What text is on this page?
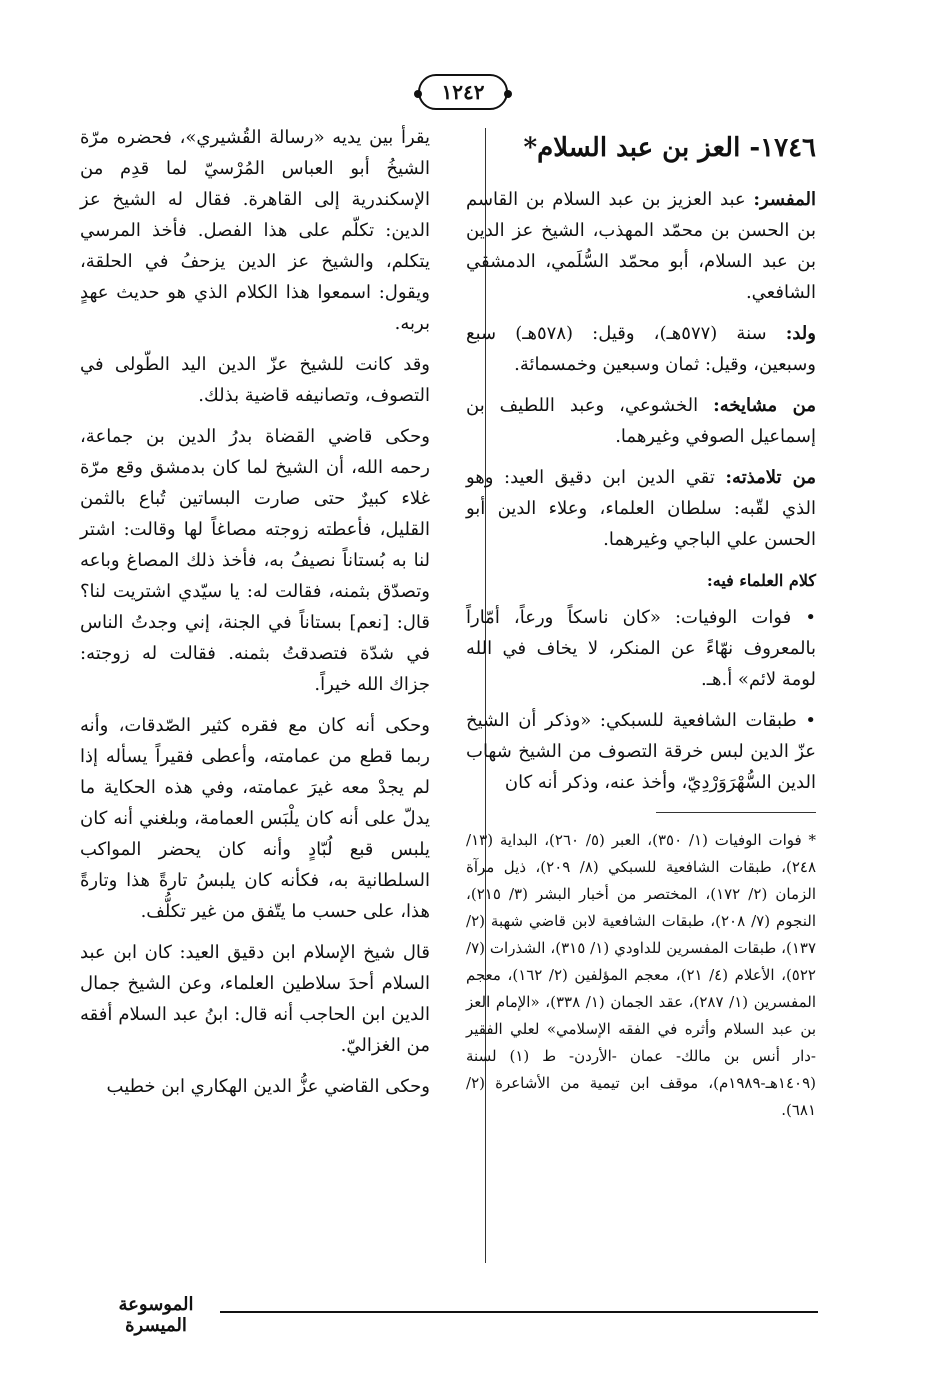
١٢٤٢
١٧٤٦- العز بن عبد السلام*

المفسر: عبد العزيز بن عبد السلام بن القاسم بن الحسن بن محمّد المهذب، الشيخ عز الدين بن عبد السلام، أبو محمّد السُّلَمي، الدمشقي الشافعي.

ولد: سنة (٥٧٧هـ)، وقيل: (٥٧٨هـ) سبع وسبعين، وقيل: ثمان وسبعين وخمسمائة.

من مشايخه: الخشوعي، وعبد اللطيف بن إسماعيل الصوفي وغيرهما.

من تلامذته: تقي الدين ابن دقيق العيد: وهو الذي لقّبه: سلطان العلماء، وعلاء الدين أبو الحسن علي الباجي وغيرهما.

كلام العلماء فيه:

• فوات الوفيات: «كان ناسكاً ورعاً، أمّاراً بالمعروف نهّاءً عن المنكر، لا يخاف في الله لومة لائم» أ.هـ.

• طبقات الشافعية للسبكي: «وذكر أن الشيخ عزّ الدين لبس خرقة التصوف من الشيخ شهاب الدين السُّهْرَوَرْدِيّ، وأخذ عنه، وذكر أنه كان

* فوات الوفيات (١/ ٣٥٠)، العبر (٥/ ٢٦٠)، البداية (١٣/ ٢٤٨)، طبقات الشافعية للسبكي (٨/ ٢٠٩)، ذيل مرآة الزمان (٢/ ١٧٢)، المختصر من أخبار البشر (٣/ ٢١٥)، النجوم (٧/ ٢٠٨)، طبقات الشافعية لابن قاضي شهبة (٢/ ١٣٧)، طبقات المفسرين للداودي (١/ ٣١٥)، الشذرات (٧/ ٥٢٢)، الأعلام (٤/ ٢١)، معجم المؤلفين (٢/ ١٦٢)، معجم المفسرين (١/ ٢٨٧)، عقد الجمان (١/ ٣٣٨)، «الإمام العز بن عبد السلام وأثره في الفقه الإسلامي» لعلي الفقير -دار أنس بن مالك- عمان -الأردن- ط (١) لسنة (١٤٠٩هـ-١٩٨٩م)، موقف ابن تيمية من الأشاعرة (٢/ ٦٨١).

يقرأ بين يديه «رسالة القُشيري»، فحضره مرّة الشيخُ أبو العباس المُرْسيّ لما قدِم من الإسكندرية إلى القاهرة. فقال له الشيخ عز الدين: تكلّم على هذا الفصل. فأخذ المرسي يتكلم، والشيخ عز الدين يزحفُ في الحلقة، ويقول: اسمعوا هذا الكلام الذي هو حديث عهدٍ بربه.

وقد كانت للشيخ عزّ الدين اليد الطّولى في التصوف، وتصانيفه قاضية بذلك.

وحكى قاضي القضاة بدرُ الدين بن جماعة، رحمه الله، أن الشيخ لما كان بدمشق وقع مرّة غلاء كبيرٌ حتى صارت البساتين تُباع بالثمن القليل، فأعطته زوجته مصاغاً لها وقالت: اشتر لنا به بُستاناً نصيفُ به، فأخذ ذلك المصاغ وباعه وتصدّق بثمنه، فقالت له: يا سيّدي اشتريت لنا؟ قال: [نعم] بستاناً في الجنة، إني وجدتُ الناس في شدّة فتصدقتُ بثمنه. فقالت له زوجته: جزاك الله خيراً.

وحكى أنه كان مع فقره كثير الصّدقات، وأنه ربما قطع من عمامته، وأعطى فقيراً يسأله إذا لم يجدْ معه غيرَ عمامته، وفي هذه الحكاية ما يدلّ على أنه كان يلْبَس العمامة، وبلغني أنه كان يلبس قبع لُبّادٍ وأنه كان يحضر المواكب السلطانية به، فكأنه كان يلبسُ تارةً هذا وتارةً هذا، على حسب ما يتّفق من غير تكلُّف.

قال شيخ الإسلام ابن دقيق العيد: كان ابن عبد السلام أحدَ سلاطين العلماء، وعن الشيخ جمال الدين ابن الحاجب أنه قال: ابنُ عبد السلام أفقه من الغزاليّ.

وحكى القاضي عزُّ الدين الهكاري ابن خطيب

الموسوعة الميسرة
